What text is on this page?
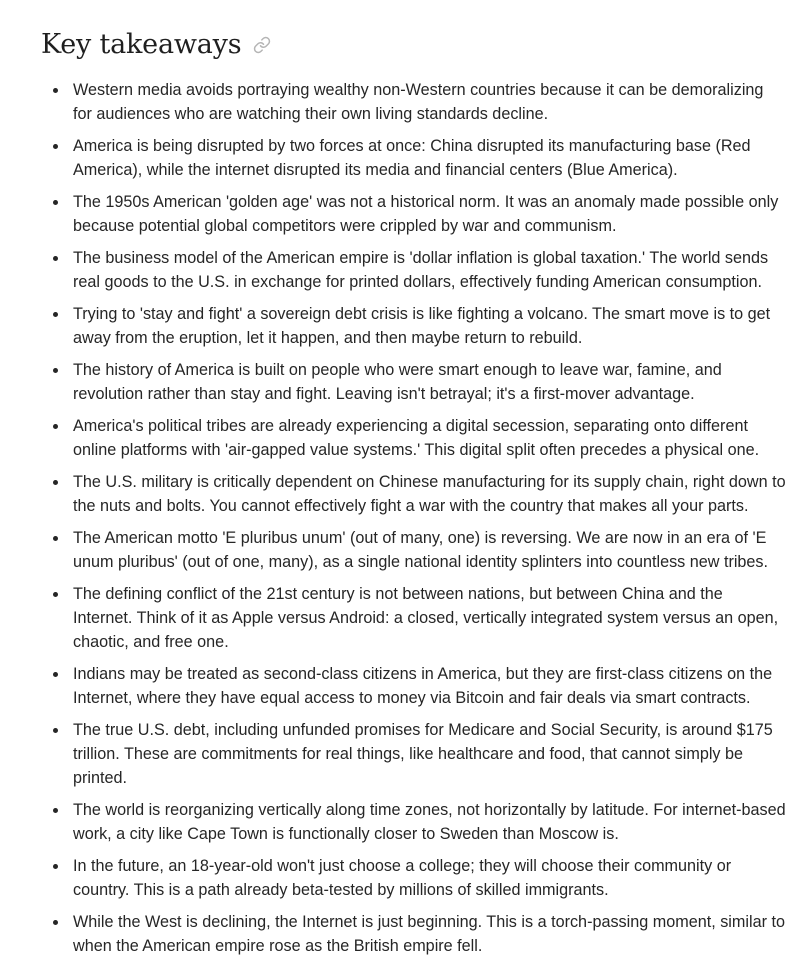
Key takeaways
Western media avoids portraying wealthy non-Western countries because it can be demoralizing for audiences who are watching their own living standards decline.
America is being disrupted by two forces at once: China disrupted its manufacturing base (Red America), while the internet disrupted its media and financial centers (Blue America).
The 1950s American 'golden age' was not a historical norm. It was an anomaly made possible only because potential global competitors were crippled by war and communism.
The business model of the American empire is 'dollar inflation is global taxation.' The world sends real goods to the U.S. in exchange for printed dollars, effectively funding American consumption.
Trying to 'stay and fight' a sovereign debt crisis is like fighting a volcano. The smart move is to get away from the eruption, let it happen, and then maybe return to rebuild.
The history of America is built on people who were smart enough to leave war, famine, and revolution rather than stay and fight. Leaving isn't betrayal; it's a first-mover advantage.
America's political tribes are already experiencing a digital secession, separating onto different online platforms with 'air-gapped value systems.' This digital split often precedes a physical one.
The U.S. military is critically dependent on Chinese manufacturing for its supply chain, right down to the nuts and bolts. You cannot effectively fight a war with the country that makes all your parts.
The American motto 'E pluribus unum' (out of many, one) is reversing. We are now in an era of 'E unum pluribus' (out of one, many), as a single national identity splinters into countless new tribes.
The defining conflict of the 21st century is not between nations, but between China and the Internet. Think of it as Apple versus Android: a closed, vertically integrated system versus an open, chaotic, and free one.
Indians may be treated as second-class citizens in America, but they are first-class citizens on the Internet, where they have equal access to money via Bitcoin and fair deals via smart contracts.
The true U.S. debt, including unfunded promises for Medicare and Social Security, is around $175 trillion. These are commitments for real things, like healthcare and food, that cannot simply be printed.
The world is reorganizing vertically along time zones, not horizontally by latitude. For internet-based work, a city like Cape Town is functionally closer to Sweden than Moscow is.
In the future, an 18-year-old won't just choose a college; they will choose their community or country. This is a path already beta-tested by millions of skilled immigrants.
While the West is declining, the Internet is just beginning. This is a torch-passing moment, similar to when the American empire rose as the British empire fell.
